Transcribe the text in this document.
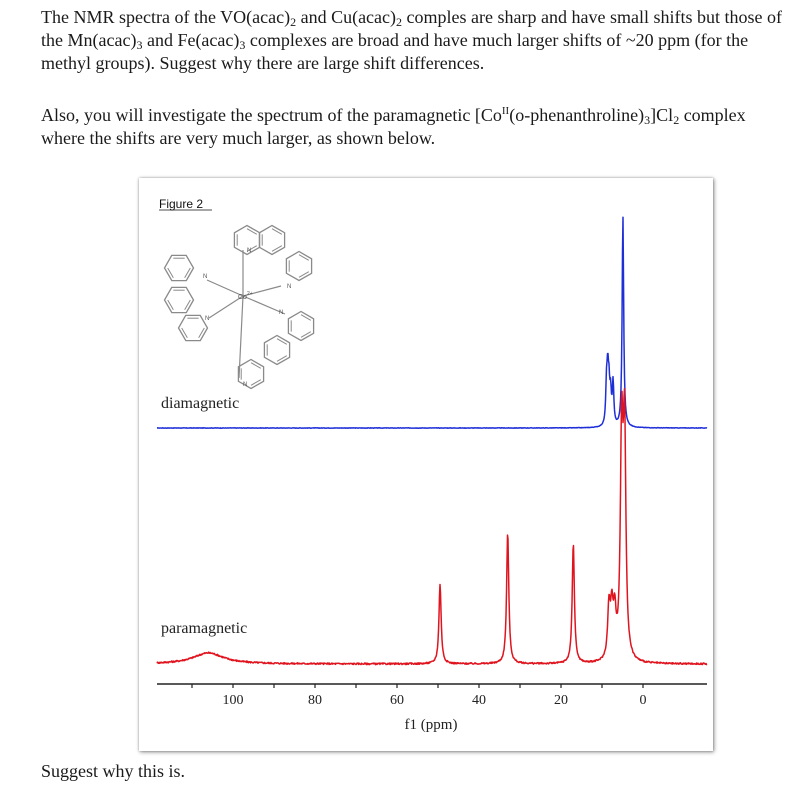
The NMR spectra of the $VO(acac)_2$ and $Cu(acac)_2$ comples are sharp and have small shifts but those of the $Mn(acac)_3$ and $Fe(acac)_3$ complexes are broad and have much larger shifts of ~20 ppm (for the methyl groups). Suggest why there are large shift differences.

Also, you will investigate the spectrum of the paramagnetic $[Co^{II}(o-phenanthroline)_3]Cl_2$ complex where the shifts are very much larger, as shown below.

Figure 2
Co 2+
N
N
N
N
N
N
diamagnetic
paramagnetic
100	80	60	40	20	0
f1 (ppm)

Suggest why this is.
